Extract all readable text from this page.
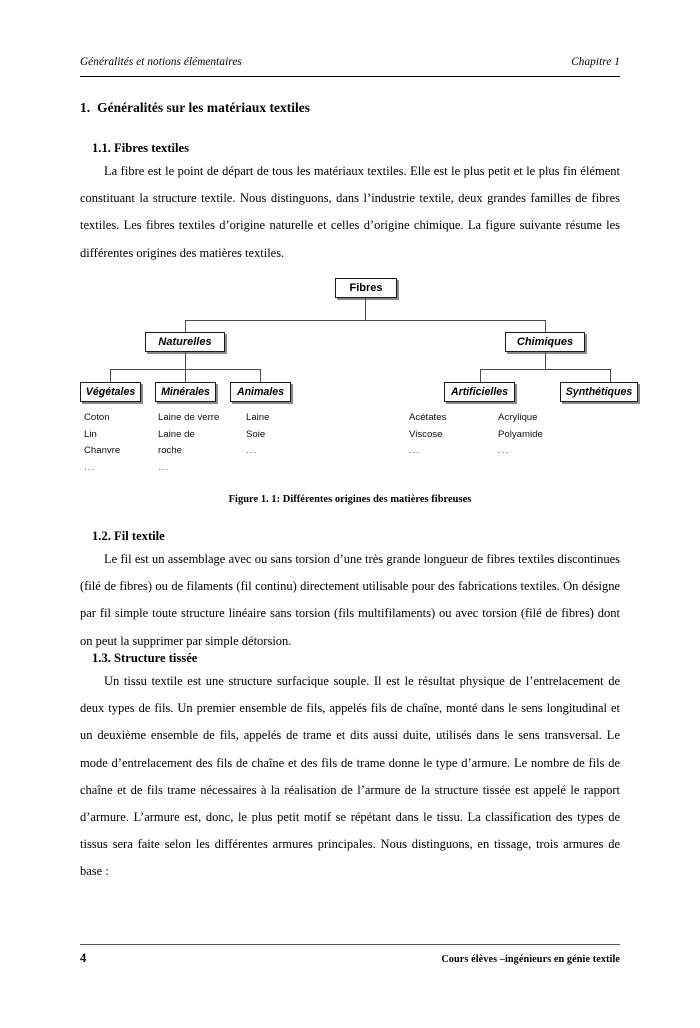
Généralités et notions élémentaires	Chapitre 1
1. Généralités sur les matériaux textiles
1.1. Fibres textiles
La fibre est le point de départ de tous les matériaux textiles. Elle est le plus petit et le plus fin élément constituant la structure textile. Nous distinguons, dans l’industrie textile, deux grandes familles de fibres textiles. Les fibres textiles d’origine naturelle et celles d’origine chimique. La figure suivante résume les différentes origines des matières textiles.
Fibres
Naturelles	Chimiques
Végétales	Minérales	Animales	Artificielles	Synthétiques
Coton
Lin
Chanvre
...
Laine de verre
Laine de roche
...
Laine
Soie
...
Acétates
Viscose
...
Acrylique
Polyamide
...
Figure 1. 1: Différentes origines des matières fibreuses
1.2. Fil textile
Le fil est un assemblage avec ou sans torsion d’une très grande longueur de fibres textiles discontinues (filé de fibres) ou de filaments (fil continu) directement utilisable pour des fabrications textiles. On désigne par fil simple toute structure linéaire sans torsion (fils multifilaments) ou avec torsion (filé de fibres) dont on peut la supprimer par simple détorsion.
1.3. Structure tissée
Un tissu textile est une structure surfacique souple. Il est le résultat physique de l’entrelacement de deux types de fils. Un premier ensemble de fils, appelés fils de chaîne, monté dans le sens longitudinal et un deuxième ensemble de fils, appelés de trame et dits aussi duite, utilisés dans le sens transversal. Le mode d’entrelacement des fils de chaîne et des fils de trame donne le type d’armure. Le nombre de fils de chaîne et de fils trame nécessaires à la réalisation de l’armure de la structure tissée est appelé le rapport d’armure. L’armure est, donc, le plus petit motif se répétant dans le tissu. La classification des types de tissus sera faite selon les différentes armures principales. Nous distinguons, en tissage, trois armures de base :
4	Cours élèves –ingénieurs en génie textile
